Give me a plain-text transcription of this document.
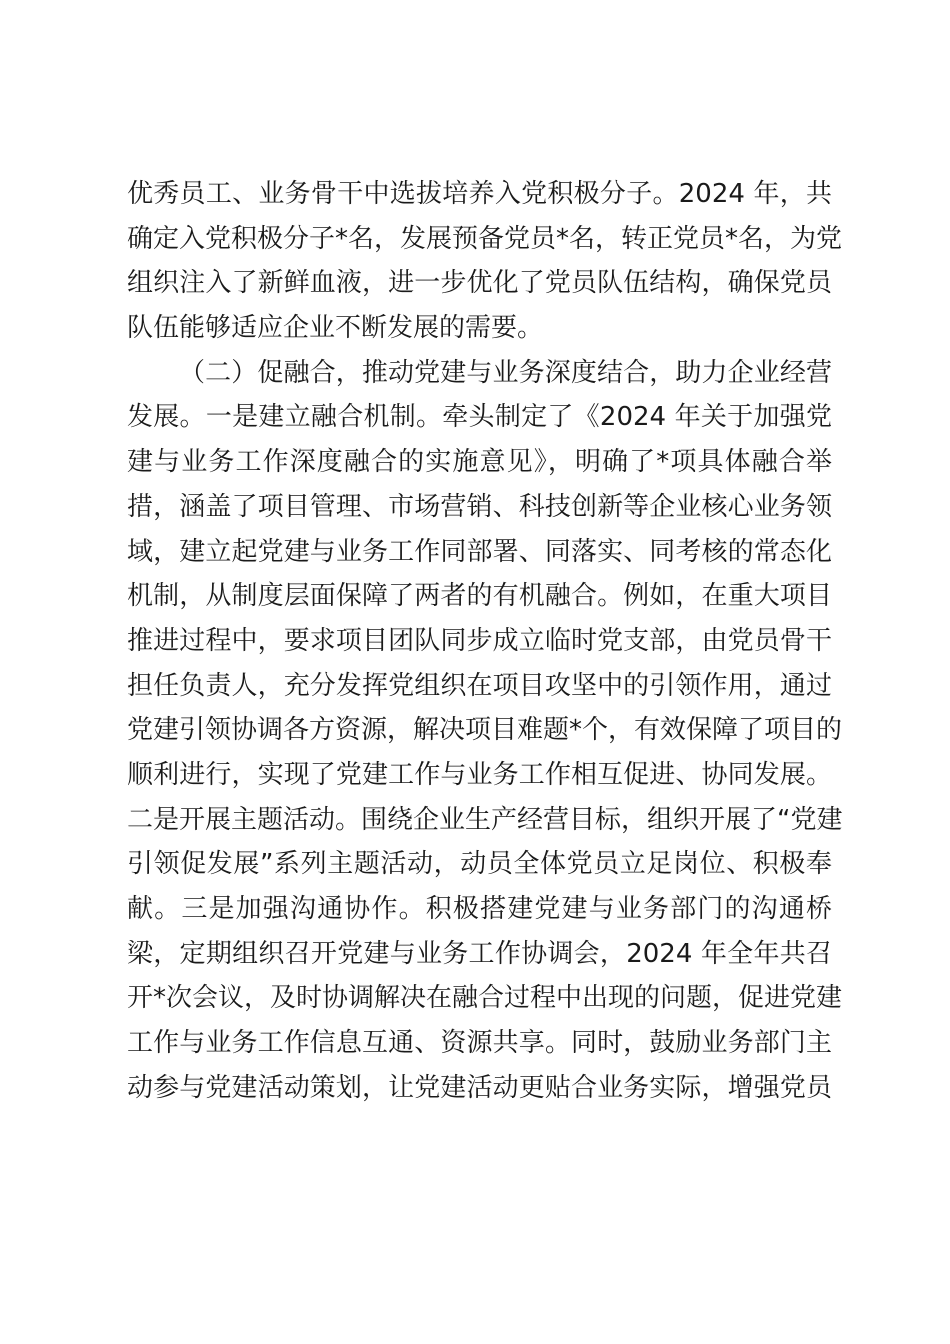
优秀员工、业务骨干中选拔培养入党积极分子。2024 年，共
确定入党积极分子*名，发展预备党员*名，转正党员*名，为党
组织注入了新鲜血液，进一步优化了党员队伍结构，确保党员
队伍能够适应企业不断发展的需要。
（二）促融合，推动党建与业务深度结合，助力企业经营
发展。一是建立融合机制。牵头制定了《2024 年关于加强党
建与业务工作深度融合的实施意见》，明确了*项具体融合举
措，涵盖了项目管理、市场营销、科技创新等企业核心业务领
域，建立起党建与业务工作同部署、同落实、同考核的常态化
机制，从制度层面保障了两者的有机融合。例如，在重大项目
推进过程中，要求项目团队同步成立临时党支部，由党员骨干
担任负责人，充分发挥党组织在项目攻坚中的引领作用，通过
党建引领协调各方资源，解决项目难题*个，有效保障了项目的
顺利进行，实现了党建工作与业务工作相互促进、协同发展。
二是开展主题活动。围绕企业生产经营目标，组织开展了“党建
引领促发展”系列主题活动，动员全体党员立足岗位、积极奉
献。三是加强沟通协作。积极搭建党建与业务部门的沟通桥
梁，定期组织召开党建与业务工作协调会，2024 年全年共召
开*次会议，及时协调解决在融合过程中出现的问题，促进党建
工作与业务工作信息互通、资源共享。同时，鼓励业务部门主
动参与党建活动策划，让党建活动更贴合业务实际，增强党员
